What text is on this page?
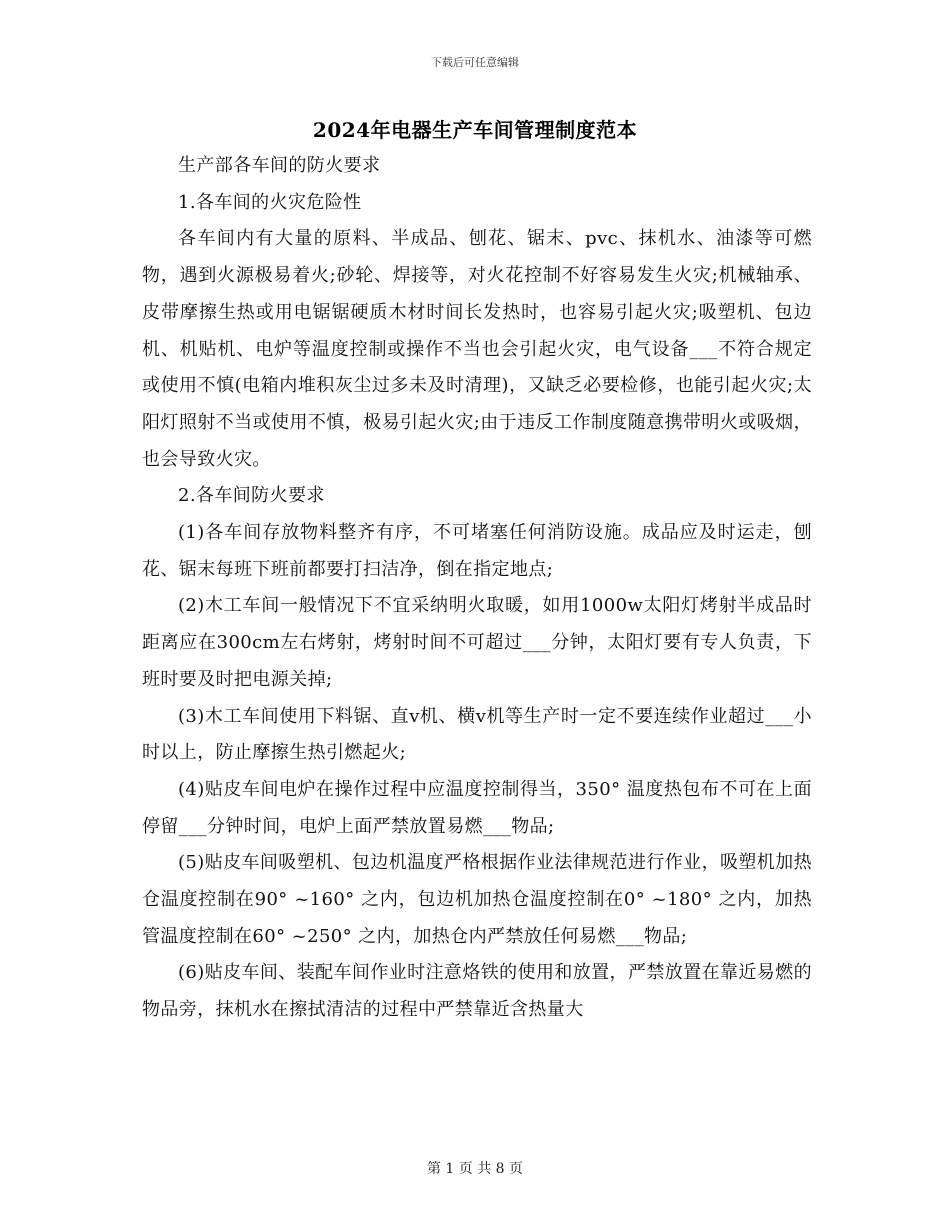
下载后可任意编辑
2024年电器生产车间管理制度范本

生产部各车间的防火要求

1.各车间的火灾危险性

各车间内有大量的原料、半成品、刨花、锯末、pvc、抹机水、油漆等可燃物，遇到火源极易着火;砂轮、焊接等，对火花控制不好容易发生火灾;机械轴承、皮带摩擦生热或用电锯锯硬质木材时间长发热时，也容易引起火灾;吸塑机、包边机、机贴机、电炉等温度控制或操作不当也会引起火灾，电气设备___不符合规定或使用不慎(电箱内堆积灰尘过多未及时清理)，又缺乏必要检修，也能引起火灾;太阳灯照射不当或使用不慎，极易引起火灾;由于违反工作制度随意携带明火或吸烟，也会导致火灾。

2.各车间防火要求

(1)各车间存放物料整齐有序，不可堵塞任何消防设施。成品应及时运走，刨花、锯末每班下班前都要打扫洁净，倒在指定地点;

(2)木工车间一般情况下不宜采纳明火取暖，如用1000w太阳灯烤射半成品时距离应在300cm左右烤射，烤射时间不可超过___分钟，太阳灯要有专人负责，下班时要及时把电源关掉;

(3)木工车间使用下料锯、直v机、横v机等生产时一定不要连续作业超过___小时以上，防止摩擦生热引燃起火;

(4)贴皮车间电炉在操作过程中应温度控制得当，350° 温度热包布不可在上面停留___分钟时间，电炉上面严禁放置易燃___物品;

(5)贴皮车间吸塑机、包边机温度严格根据作业法律规范进行作业，吸塑机加热仓温度控制在90° ~160° 之内，包边机加热仓温度控制在0° ~180° 之内，加热管温度控制在60° ~250° 之内，加热仓内严禁放任何易燃___物品;

(6)贴皮车间、装配车间作业时注意烙铁的使用和放置，严禁放置在靠近易燃的物品旁，抹机水在擦拭清洁的过程中严禁靠近含热量大

第 1 页 共 8 页
